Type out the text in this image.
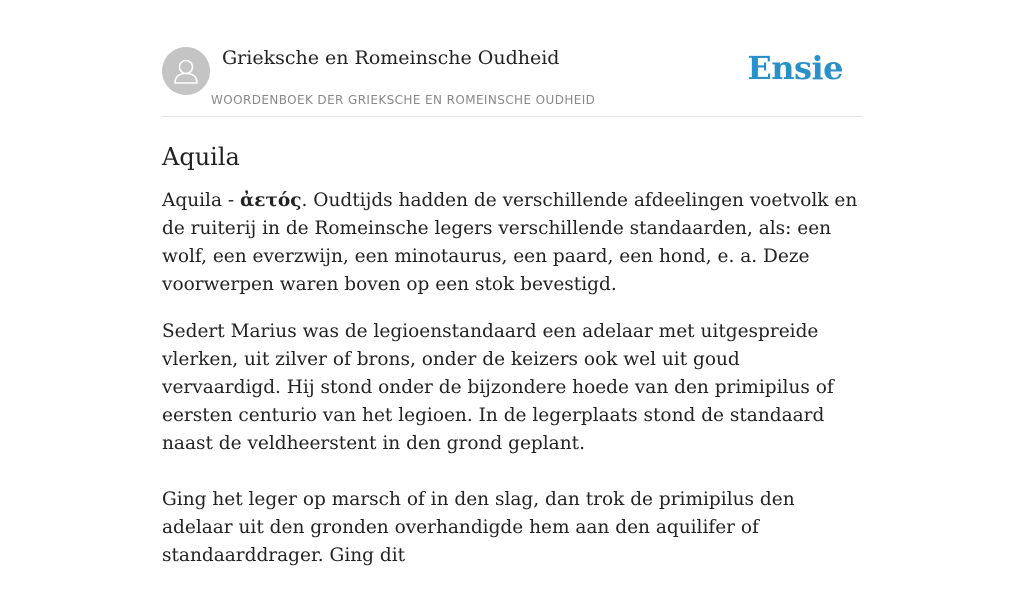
Grieksche en Romeinsche Oudheid
WOORDENBOEK DER GRIEKSCHE EN ROMEINSCHE OUDHEID
Ensie
Aquila

Aquila - ἀετός. Oudtijds hadden de verschillende afdeelingen voetvolk en de ruiterij in de Romeinsche legers verschillende standaarden, als: een wolf, een everzwijn, een minotaurus, een paard, een hond, e. a. Deze voorwerpen waren boven op een stok bevestigd.

Sedert Marius was de legioenstandaard een adelaar met uitgespreide vlerken, uit zilver of brons, onder de keizers ook wel uit goud vervaardigd. Hij stond onder de bijzondere hoede van den primipilus of eersten centurio van het legioen. In de legerplaats stond de standaard naast de veldheerstent in den grond geplant.

Ging het leger op marsch of in den slag, dan trok de primipilus den adelaar uit den gronden overhandigde hem aan den aquilifer of standaarddrager. Ging dit
